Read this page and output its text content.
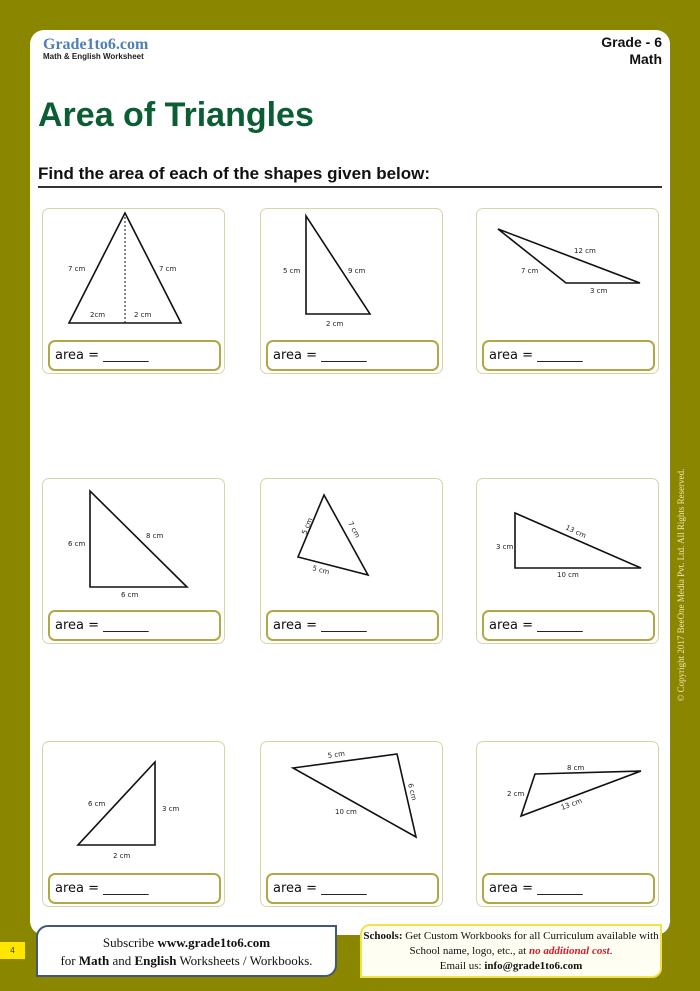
Grade1to6.com
Math & English Worksheet
Grade - 6
Math
Area of Triangles
Find the area of each of the shapes given below:
7 cm	7 cm
2cm	2 cm
area = _______
5 cm	9 cm
2 cm
area = _______
12 cm
7 cm
3 cm
area = _______
6 cm
8 cm
6 cm
area = _______
5 cm	7 cm
5 cm
area = _______
3 cm
13 cm
10 cm
area = _______
6 cm
3 cm
2 cm
area = _______
5 cm
6 cm
10 cm
area = _______
8 cm
2 cm
13 cm
area = _______
© Copyright 2017 BeeOne Media Pvt. Ltd. All Rights Reserved.
4
Subscribe www.grade1to6.com
for Math and English Worksheets / Workbooks.
Schools: Get Custom Workbooks for all Curriculum available with School name, logo, etc., at no additional cost.
Email us: info@grade1to6.com
